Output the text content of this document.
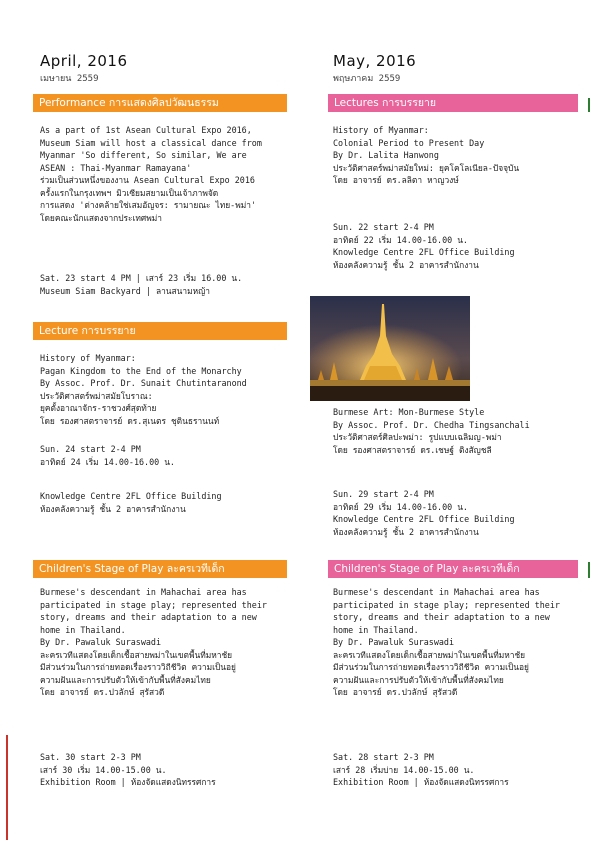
April, 2016
เมษายน 2559
Performance การแสดงศิลปวัฒนธรรม
As a part of 1st Asean Cultural Expo 2016,
Museum Siam will host a classical dance from
Myanmar 'So different, So similar, We are
ASEAN : Thai-Myanmar Ramayana'
ร่วมเป็นส่วนหนึ่งของงาน Asean Cultural Expo 2016
ครั้งแรกในกรุงเทพฯ มิวเซียมสยามเป็นเจ้าภาพจัด
การแสดง 'ต่างคล้ายใช่เสมอัญจร: รามายณะ ไทย-พม่า'
โดยคณะนักแสดงจากประเทศพม่า
Sat. 23 start 4 PM | เสาร์ 23 เริ่ม 16.00 น.
Museum Siam Backyard | ลานสนามหญ้า
Lecture การบรรยาย
History of Myanmar:
Pagan Kingdom to the End of the Monarchy
By Assoc. Prof. Dr. Sunait Chutintaranond
ประวัติศาสตร์พม่าสมัยโบราณ:
ยุคตั้งอาณาจักร-ราชวงศ์สุดท้าย
โดย รองศาสตราจารย์ ดร.สุเนตร ชุตินธรานนท์
Sun. 24 start 2-4 PM
อาทิตย์ 24 เริ่ม 14.00-16.00 น.
Knowledge Centre 2FL Office Building
ห้องคลังความรู้ ชั้น 2 อาคารสำนักงาน
Children's Stage of Play ละครเวทีเด็ก
Burmese's descendant in Mahachai area has
participated in stage play; represented their
story, dreams and their adaptation to a new
home in Thailand.
By Dr. Pawaluk Suraswadi
ละครเวทีแสดงโดยเด็กเชื้อสายพม่าในเขตพื้นที่มหาชัย
มีส่วนร่วมในการถ่ายทอดเรื่องราววิถีชีวิต ความเป็นอยู่
ความฝันและการปรับตัวให้เข้ากับพื้นที่สังคมไทย
โดย อาจารย์ ดร.ปวลักษ์ สุรัสวดี
Sat. 30 start 2-3 PM
เสาร์ 30 เริ่ม 14.00-15.00 น.
Exhibition Room | ห้องจัดแสดงนิทรรศการ
May, 2016
พฤษภาคม 2559
Lectures การบรรยาย
History of Myanmar:
Colonial Period to Present Day
By Dr. Lalita Hanwong
ประวัติศาสตร์พม่าสมัยใหม่: ยุคโคโลเนียล-ปัจจุบัน
โดย อาจารย์ ดร.ลลิตา หาญวงษ์
Sun. 22 start 2-4 PM
อาทิตย์ 22 เริ่ม 14.00-16.00 น.
Knowledge Centre 2FL Office Building
ห้องคลังความรู้ ชั้น 2 อาคารสำนักงาน
Burmese Art: Mon-Burmese Style
By Assoc. Prof. Dr. Chedha Tingsanchali
ประวัติศาสตร์ศิลปะพม่า: รูปแบบเฉลิมญ-พม่า
โดย รองศาสตราจารย์ ดร.เชษฐ์ ติงสัญชลี
Sun. 29 start 2-4 PM
อาทิตย์ 29 เริ่ม 14.00-16.00 น.
Knowledge Centre 2FL Office Building
ห้องคลังความรู้ ชั้น 2 อาคารสำนักงาน
Children's Stage of Play ละครเวทีเด็ก
Burmese's descendant in Mahachai area has
participated in stage play; represented their
story, dreams and their adaptation to a new
home in Thailand.
By Dr. Pawaluk Suraswadi
ละครเวทีแสดงโดยเด็กเชื้อสายพม่าในเขตพื้นที่มหาชัย
มีส่วนร่วมในการถ่ายทอดเรื่องราววิถีชีวิต ความเป็นอยู่
ความฝันและการปรับตัวให้เข้ากับพื้นที่สังคมไทย
โดย อาจารย์ ดร.ปวลักษ์ สุรัสวดี
Sat. 28 start 2-3 PM
เสาร์ 28 เริ่มบ่าย 14.00-15.00 น.
Exhibition Room | ห้องจัดแสดงนิทรรศการ
